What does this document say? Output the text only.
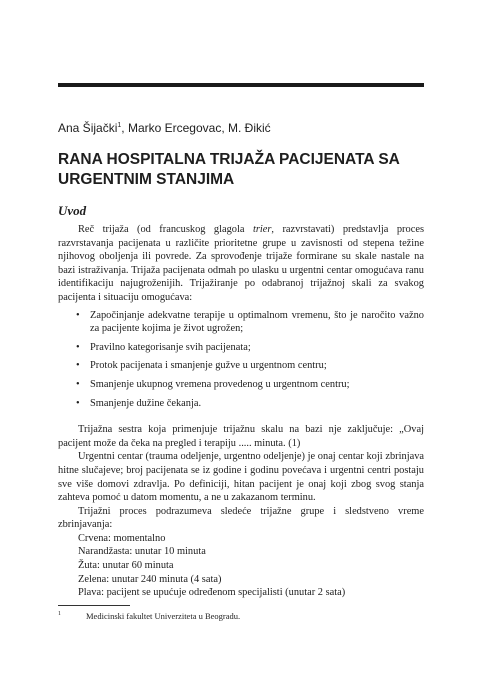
Ana Šijački$^1$, Marko Ercegovac, M. Đikić
RANA HOSPITALNA TRIJAŽA PACIJENATA SA URGENTNIM STANJIMA
Uvod

Reč trijaža (od francuskog glagola trier, razvrstavati) predstavlja proces razvrstavanja pacijenata u različite prioritetne grupe u zavisnosti od stepena težine njihovog oboljenja ili povrede. Za sprovođenje trijaže formirane su skale nastale na bazi istraživanja. Trijaža pacijenata odmah po ulasku u urgentni centar omogućava ranu identifikaciju najugroženijih. Trijažiranje po odabranoj trijažnoj skali za svakog pacijenta i situaciju omogućava:

• Započinjanje adekvatne terapije u optimalnom vremenu, što je naročito važno za pacijente kojima je život ugrožen;
• Pravilno kategorisanje svih pacijenata;
• Protok pacijenata i smanjenje gužve u urgentnom centru;
• Smanjenje ukupnog vremena provedenog u urgentnom centru;
• Smanjenje dužine čekanja.

Trijažna sestra koja primenjuje trijažnu skalu na bazi nje zaključuje: „Ovaj pacijent može da čeka na pregled i terapiju ..... minuta. (1)

Urgentni centar (trauma odeljenje, urgentno odeljenje) je onaj centar koji zbrinjava hitne slučajeve; broj pacijenata se iz godine i godinu povećava i urgentni centri postaju sve više domovi zdravlja. Po definiciji, hitan pacijent je onaj koji zbog svog stanja zahteva pomoć u datom momentu, a ne u zakazanom terminu.

Trijažni proces podrazumeva sledeće trijažne grupe i sledstveno vreme zbrinjavanja:

Crvena: momentalno

Narandžasta: unutar 10 minuta

Žuta: unutar 60 minuta

Zelena: unutar 240 minuta (4 sata)

Plava: pacijent se upućuje određenom specijalisti (unutar 2 sata)

1	Medicinski fakultet Univerziteta u Beogradu.
